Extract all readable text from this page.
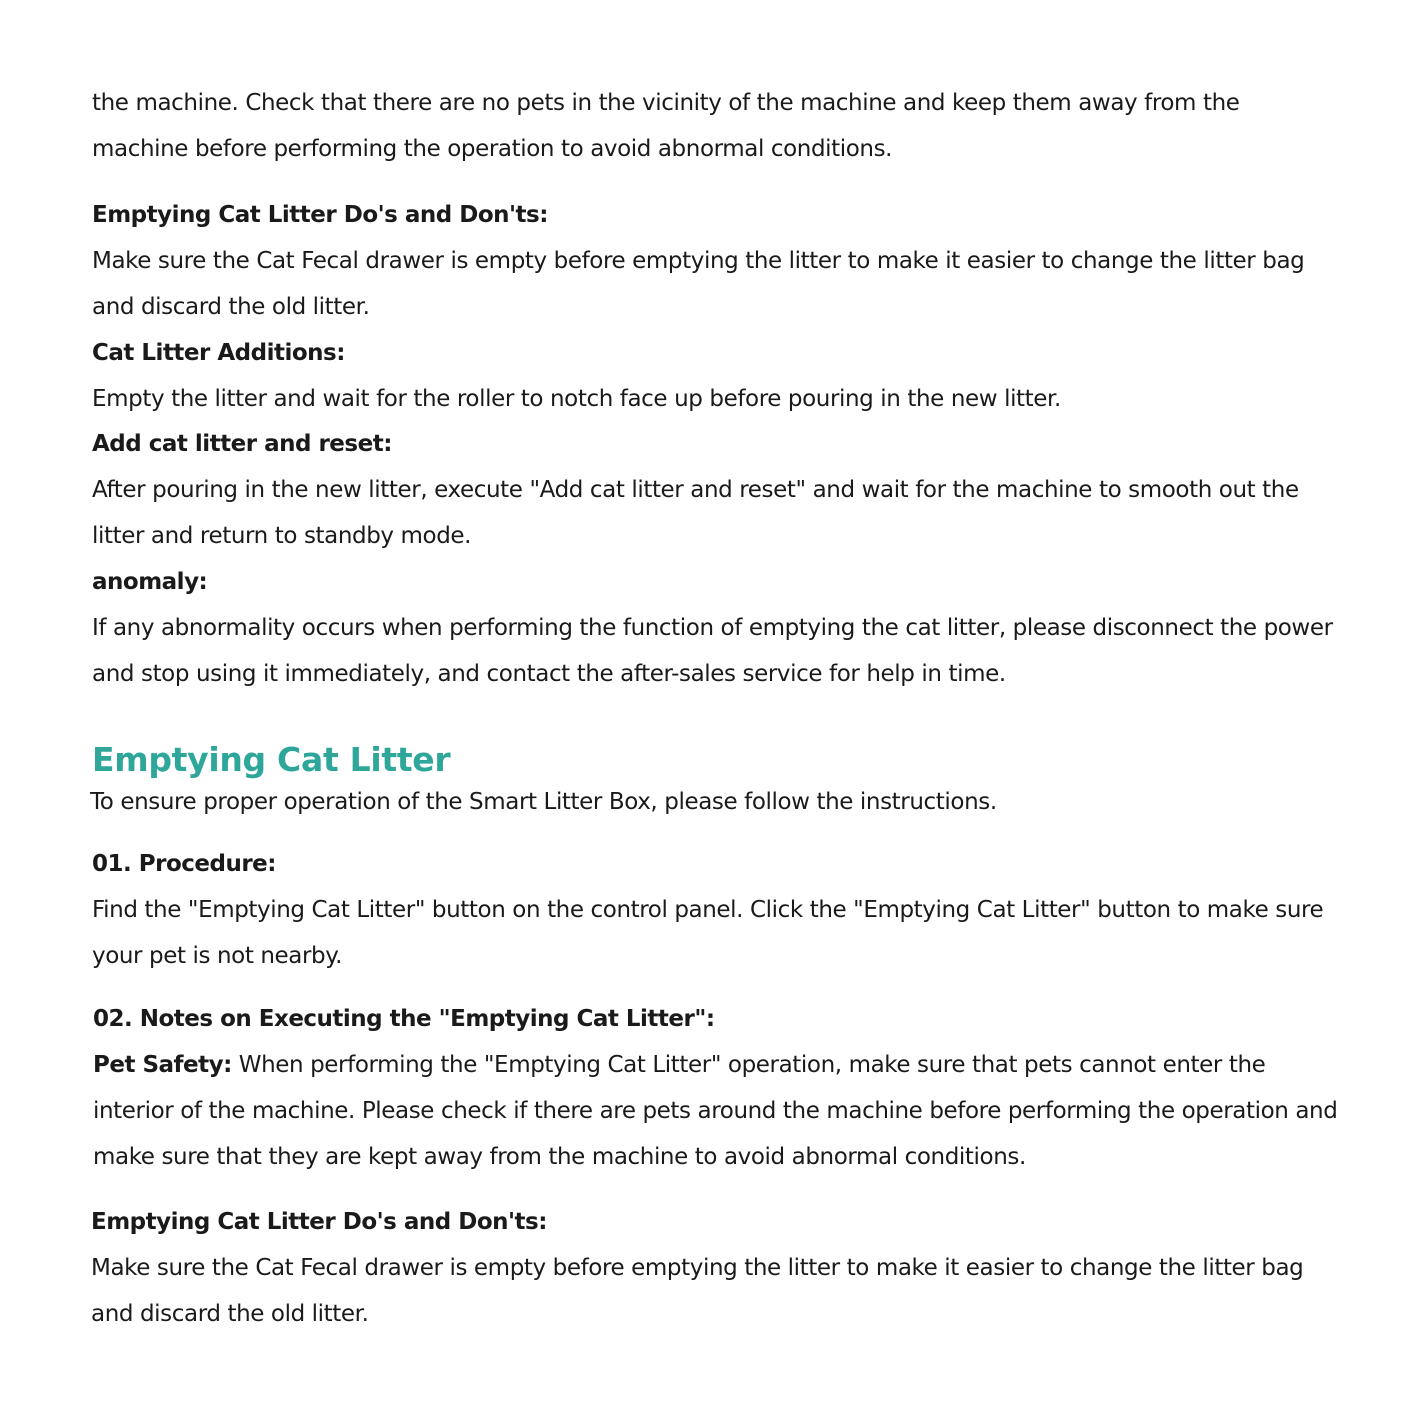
the machine. Check that there are no pets in the vicinity of the machine and keep them away from the machine before performing the operation to avoid abnormal conditions.

Emptying Cat Litter Do's and Don'ts:

Make sure the Cat Fecal drawer is empty before emptying the litter to make it easier to change the litter bag and discard the old litter.

Cat Litter Additions:

Empty the litter and wait for the roller to notch face up before pouring in the new litter.

Add cat litter and reset:

After pouring in the new litter, execute "Add cat litter and reset" and wait for the machine to smooth out the litter and return to standby mode.

anomaly:

If any abnormality occurs when performing the function of emptying the cat litter, please disconnect the power and stop using it immediately, and contact the after-sales service for help in time.

Emptying Cat Litter

To ensure proper operation of the Smart Litter Box, please follow the instructions.

01. Procedure:

Find the "Emptying Cat Litter" button on the control panel. Click the "Emptying Cat Litter" button to make sure your pet is not nearby.

02. Notes on Executing the "Emptying Cat Litter":

Pet Safety: When performing the "Emptying Cat Litter" operation, make sure that pets cannot enter the interior of the machine. Please check if there are pets around the machine before performing the operation and make sure that they are kept away from the machine to avoid abnormal conditions.

Emptying Cat Litter Do's and Don'ts:

Make sure the Cat Fecal drawer is empty before emptying the litter to make it easier to change the litter bag and discard the old litter.
